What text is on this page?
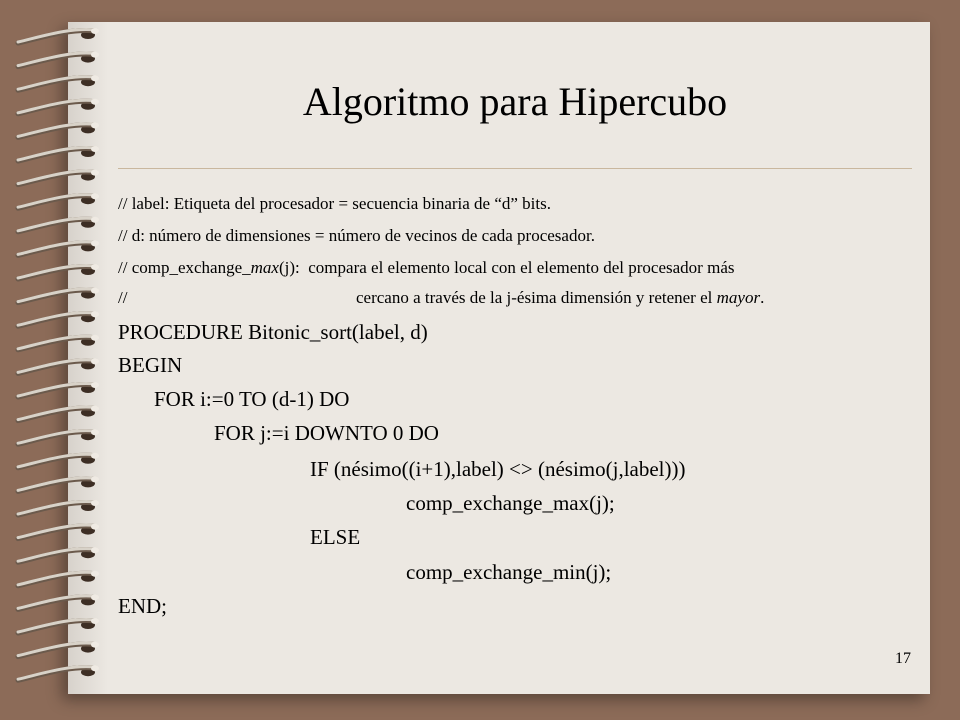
Algoritmo para Hipercubo
// label: Etiqueta del procesador = secuencia binaria de “d” bits.
// d: número de dimensiones = número de vecinos de cada procesador.
// comp_exchange_max(j):  compara el elemento local con el elemento del procesador más
//	cercano a través de la j-ésima dimensión y retener el mayor.
PROCEDURE Bitonic_sort(label, d)
BEGIN
FOR i:=0 TO (d-1) DO
FOR j:=i DOWNTO 0 DO
IF (nésimo((i+1),label) <> (nésimo(j,label)))
comp_exchange_max(j);
ELSE
comp_exchange_min(j);
END;
17
